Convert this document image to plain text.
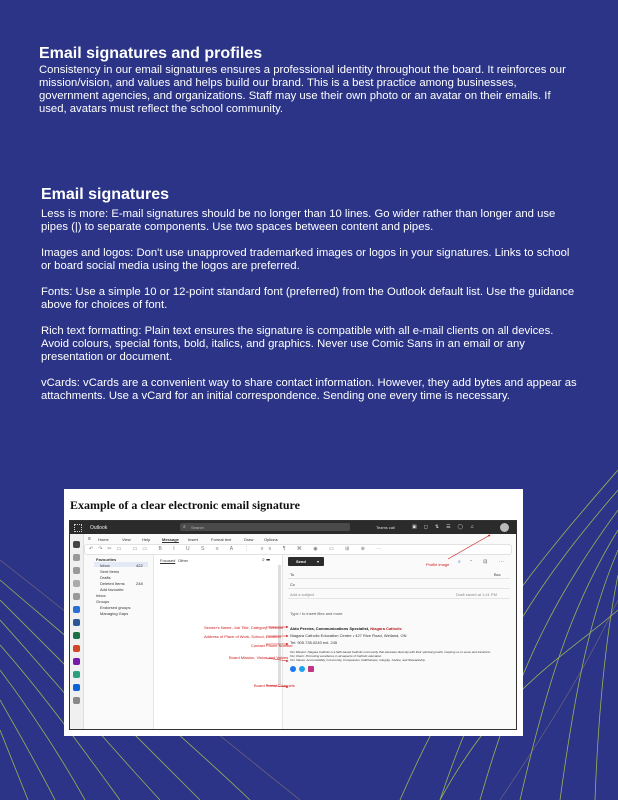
Email signatures and profiles

Consistency in our email signatures ensures a professional identity throughout the board. It reinforces our mission/vision, and values and helps build our brand. This is a best practice among businesses, government agencies, and organizations. Staff may use their own photo or an avatar on their emails. If used, avatars must reflect the school community.

Email signatures

Less is more: E-mail signatures should be no longer than 10 lines. Go wider rather than longer and use pipes (|) to separate components. Use two spaces between content and pipes.

Images and logos: Don't use unapproved trademarked images or logos in your signatures. Links to school or board social media using the logos are preferred.

Fonts: Use a simple 10 or 12-point standard font (preferred) from the Outlook default list. Use the guidance above for choices of font.

Rich text formatting: Plain text ensures the signature is compatible with all e-mail clients on all devices. Avoid colours, special fonts, bold, italics, and graphics. Never use Comic Sans in an email or any presentation or document.

vCards: vCards are a convenient way to share contact information. However, they add bytes and appear as attachments. Use a vCard for an initial correspondence. Sending one every time is necessary.

Example of a clear electronic email signature
Outlook	⌕ Search	Teams call	▣◻⇅☰◯♫
≡ Home	View	Help	Message Insert	Format text	Draw	Options
↶↷✂▭ ▭▭ B I U S ≡ A ⋮ ≡≡ ¶ ⌘ ◉ ▭ ⊞ ⊕ ⋯
Favourites
Inbox	422
Sent Items
Drafts
Deleted Items	248
Add favourite
Inbox
Groups
Endorsed groups
Managing Gaps
Focused Other	⌕ ☰
Sender's Name, Job Title, Category, Website
Address of Place of Work, School, Location
Contact Phone Number
Board Mission, Vision and Values
Board Social Channels
Send	▾	⌕ ᵔ ⊡ ⋯
Profile image
To	Bcc
Cc
Add a subject	Draft saved at 1:41 PM
Type / to insert files and more
Aldo Pereira, Communications Specialist, Niagara Catholic
Niagara Catholic Education Centre • 427 Rice Road, Welland, ON
Tel: 905.735.0240 ext. 245
Our Mission: Niagara Catholic is a faith-based Catholic community that educates diversity with their spiritual growth, inspiring us to serve and transform.
Our Vision: Promoting excellence in all aspects of Catholic education.
Our Values: Accountability, Community, Compassion, Faithfulness, Integrity, Justice, and Stewardship.
